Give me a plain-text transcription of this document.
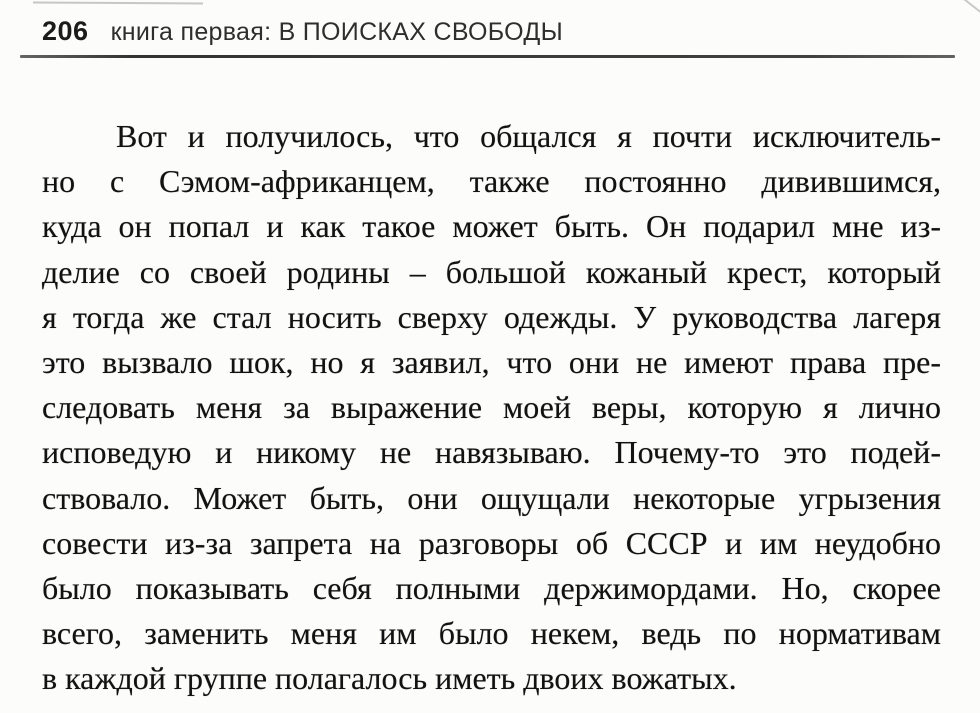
206 книга первая: В ПОИСКАХ СВОБОДЫ
Вот и получилось, что общался я почти исключитель-
но с Сэмом-африканцем, также постоянно дивившимся,
куда он попал и как такое может быть. Он подарил мне из-
делие со своей родины – большой кожаный крест, который
я тогда же стал носить сверху одежды. У руководства лагеря
это вызвало шок, но я заявил, что они не имеют права пре-
следовать меня за выражение моей веры, которую я лично
исповедую и никому не навязываю. Почему-то это подей-
ствовало. Может быть, они ощущали некоторые угрызения
совести из-за запрета на разговоры об СССР и им неудобно
было показывать себя полными держимордами. Но, скорее
всего, заменить меня им было некем, ведь по нормативам
в каждой группе полагалось иметь двоих вожатых.
